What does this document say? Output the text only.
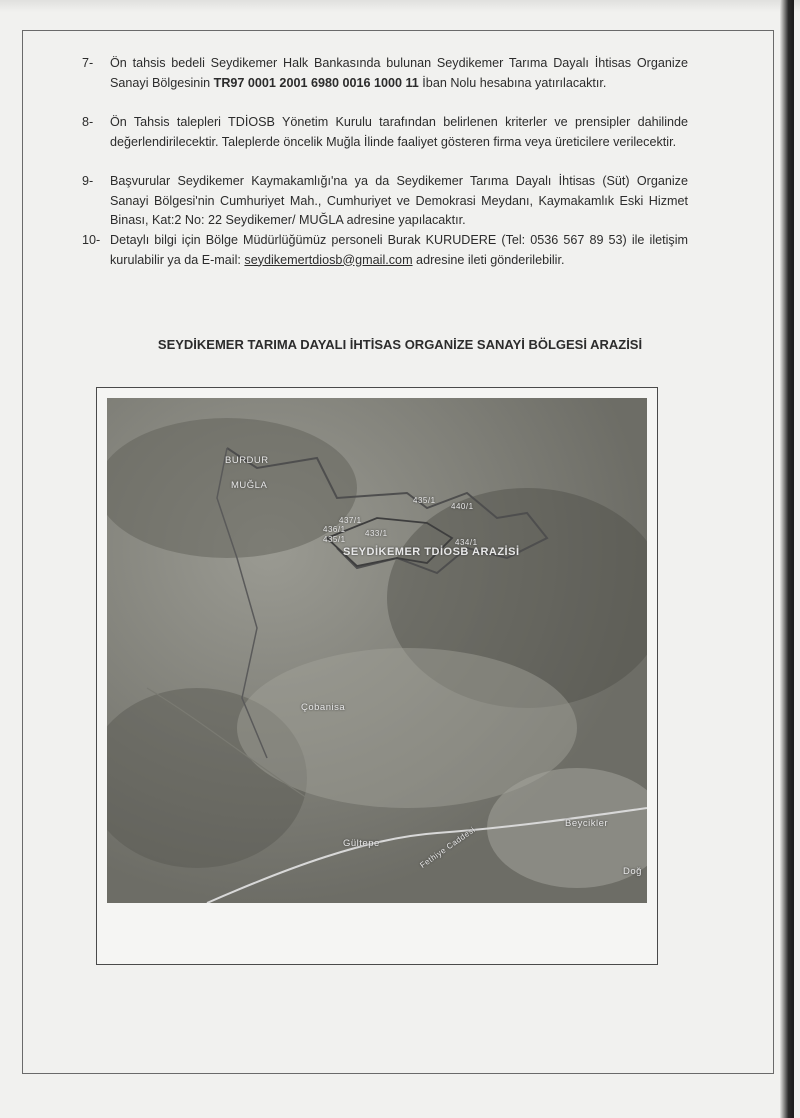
7- Ön tahsis bedeli Seydikemer Halk Bankasında bulunan Seydikemer Tarıma Dayalı İhtisas Organize Sanayi Bölgesinin TR97 0001 2001 6980 0016 1000 11 İban Nolu hesabına yatırılacaktır.
8- Ön Tahsis talepleri TDİOSB Yönetim Kurulu tarafından belirlenen kriterler ve prensipler dahilinde değerlendirilecektir. Taleplerde öncelik Muğla İlinde faaliyet gösteren firma veya üreticilere verilecektir.
9- Başvurular Seydikemer Kaymakamlığı'na ya da Seydikemer Tarıma Dayalı İhtisas (Süt) Organize Sanayi Bölgesi'nin Cumhuriyet Mah., Cumhuriyet ve Demokrasi Meydanı, Kaymakamlık Eski Hizmet Binası, Kat:2 No: 22 Seydikemer/ MUĞLA adresine yapılacaktır.
10- Detaylı bilgi için Bölge Müdürlüğümüz personeli Burak KURUDERE (Tel: 0536 567 89 53) ile iletişim kurulabilir ya da E-mail: seydikemertdiosb@gmail.com adresine ileti gönderilebilir.
SEYDİKEMER TARIMA DAYALI İHTİSAS ORGANİZE SANAYİ BÖLGESİ ARAZİSİ
BURDUR
MUĞLA
435/1
440/1
437/1
436/1
435/1
433/1
434/1
SEYDİKEMER TDİOSB ARAZİSİ
Çobanisa
Beycikler
Gültepe	Fethiye Caddesi
Doğ
